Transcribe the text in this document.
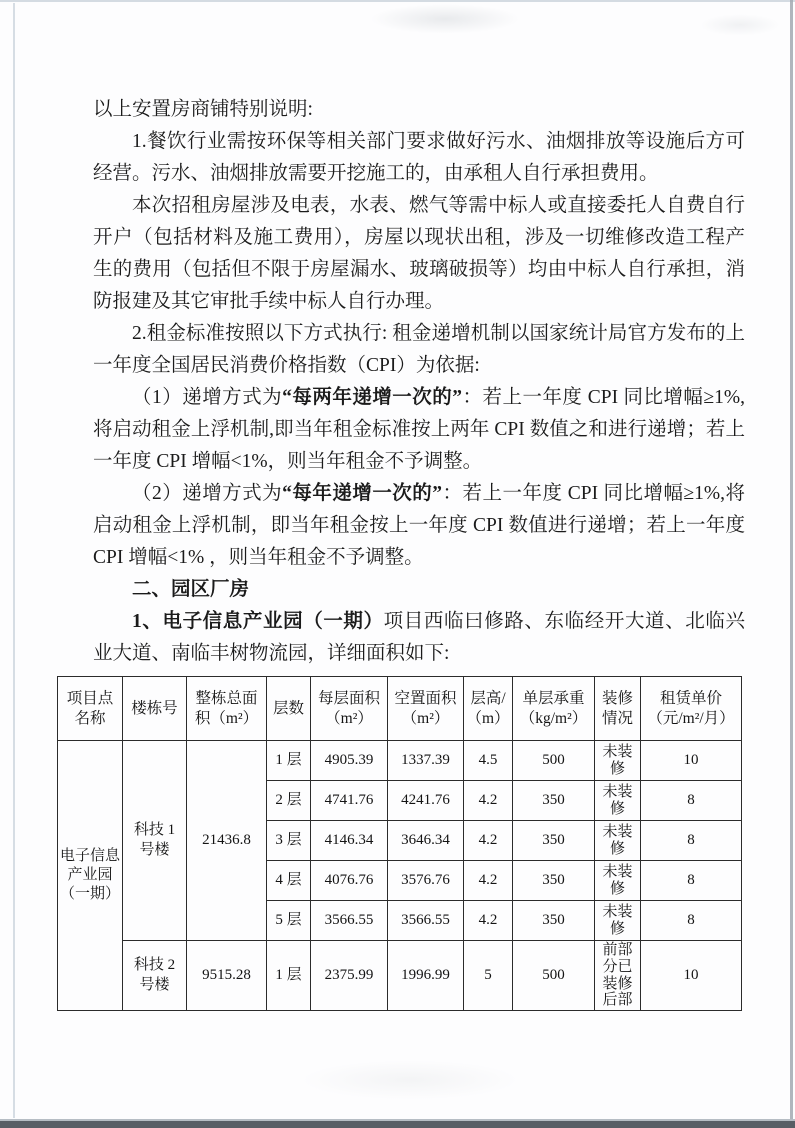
以上安置房商铺特别说明:

1.餐饮行业需按环保等相关部门要求做好污水、油烟排放等设施后方可经营。污水、油烟排放需要开挖施工的，由承租人自行承担费用。

本次招租房屋涉及电表，水表、燃气等需中标人或直接委托人自费自行开户（包括材料及施工费用），房屋以现状出租，涉及一切维修改造工程产生的费用（包括但不限于房屋漏水、玻璃破损等）均由中标人自行承担，消防报建及其它审批手续中标人自行办理。

2.租金标准按照以下方式执行: 租金递增机制以国家统计局官方发布的上一年度全国居民消费价格指数（CPI）为依据:

（1）递增方式为“每两年递增一次的”：若上一年度 CPI 同比增幅≥1%,将启动租金上浮机制,即当年租金标准按上两年 CPI 数值之和进行递增；若上一年度 CPI 增幅<1%，则当年租金不予调整。

（2）递增方式为“每年递增一次的”：若上一年度 CPI 同比增幅≥1%,将启动租金上浮机制，即当年租金按上一年度 CPI 数值进行递增；若上一年度 CPI 增幅<1% ，则当年租金不予调整。

二、园区厂房

1、电子信息产业园（一期）项目西临曰修路、东临经开大道、北临兴业大道、南临丰树物流园，详细面积如下:

项目点名称	楼栋号	整栋总面积（m²）	层数	每层面积（m²）	空置面积（m²）	层高/（m）	单层承重（kg/m²）	装修情况	租赁单价（元/m²/月）
电子信息产业园（一期）	科技 1 号楼	21436.8	1 层	4905.39	1337.39	4.5	500	未装修	10
			2 层	4741.76	4241.76	4.2	350	未装修	8
			3 层	4146.34	3646.34	4.2	350	未装修	8
			4 层	4076.76	3576.76	4.2	350	未装修	8
			5 层	3566.55	3566.55	4.2	350	未装修	8
	科技 2 号楼	9515.28	1 层	2375.99	1996.99	5	500	前部分已装修后部	10
